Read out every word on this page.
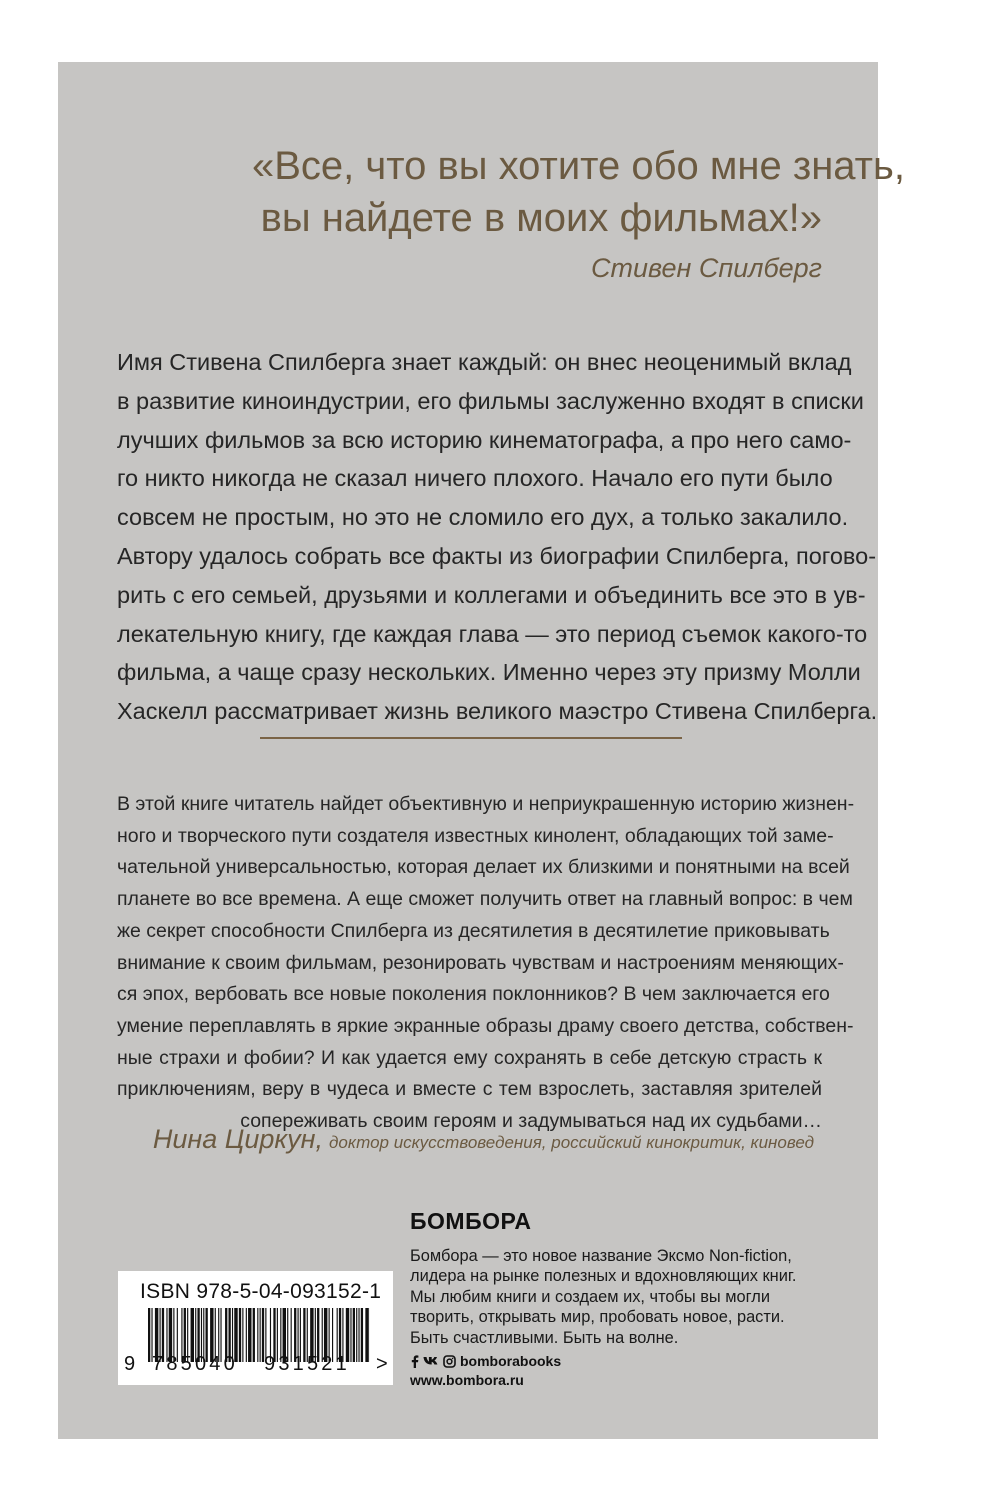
«Все, что вы хотите обо мне знать,
вы найдете в моих фильмах!»
Стивен Спилберг
Имя Стивена Спилберга знает каждый: он внес неоценимый вклад
в развитие киноиндустрии, его фильмы заслуженно входят в списки
лучших фильмов за всю историю кинематографа, а про него само-
го никто никогда не сказал ничего плохого. Начало его пути было
совсем не простым, но это не сломило его дух, а только закалило.
Автору удалось собрать все факты из биографии Спилберга, погово-
рить с его семьей, друзьями и коллегами и объединить все это в ув-
лекательную книгу, где каждая глава — это период съемок какого-то
фильма, а чаще сразу нескольких. Именно через эту призму Молли
Хаскелл рассматривает жизнь великого маэстро Стивена Спилберга.
В этой книге читатель найдет объективную и неприукрашенную историю жизнен-
ного и творческого пути создателя известных кинолент, обладающих той заме-
чательной универсальностью, которая делает их близкими и понятными на всей
планете во все времена. А еще сможет получить ответ на главный вопрос: в чем
же секрет способности Спилберга из десятилетия в десятилетие приковывать
внимание к своим фильмам, резонировать чувствам и настроениям меняющих-
ся эпох, вербовать все новые поколения поклонников? В чем заключается его
умение переплавлять в яркие экранные образы драму своего детства, собствен-
ные страхи и фобии? И как удается ему сохранять в себе детскую страсть к
приключениям, веру в чудеса и вместе с тем взрослеть, заставляя зрителей
сопереживать своим героям и задумываться над их судьбами…
Нина Циркун, доктор искусствоведения, российский кинокритик, киновед
ISBN 978-5-04-093152-1
9 785040 931521 >
БОМБОРА
Бомбора — это новое название Эксмо Non-fiction,
лидера на рынке полезных и вдохновляющих книг.
Мы любим книги и создаем их, чтобы вы могли
творить, открывать мир, пробовать новое, расти.
Быть счастливыми. Быть на волне.
bomborabooks
www.bombora.ru
